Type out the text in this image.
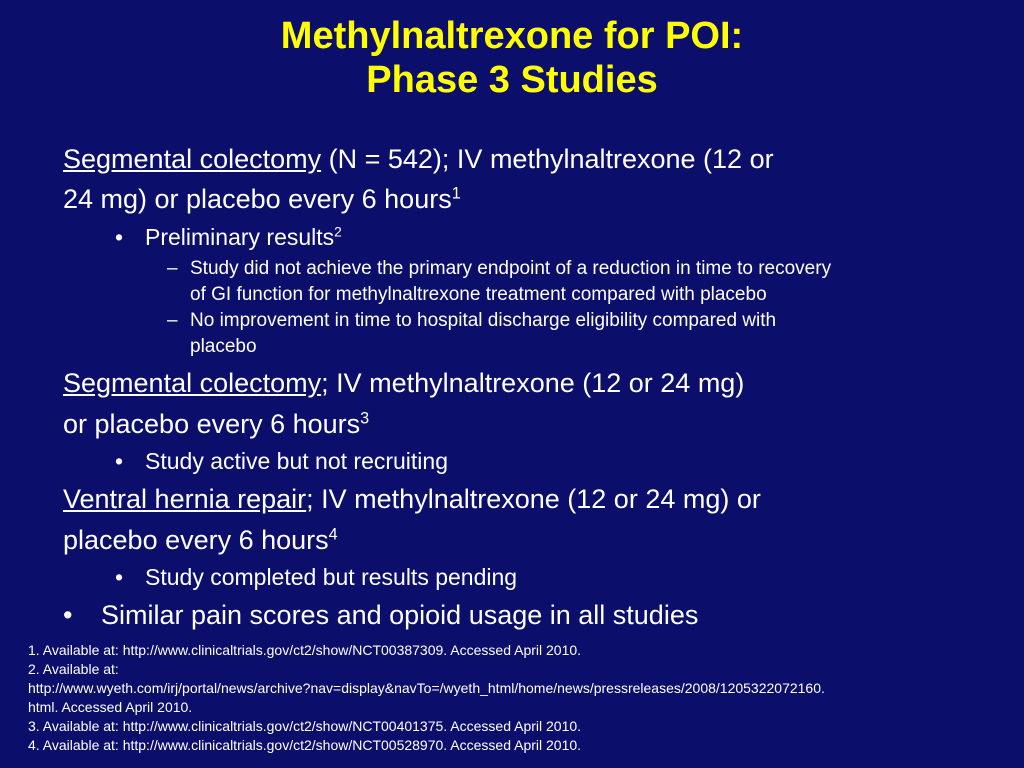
Methylnaltrexone for POI:
Phase 3 Studies
Segmental colectomy (N = 542); IV methylnaltrexone (12 or
24 mg) or placebo every 6 hours$^1$
• Preliminary results$^2$
– Study did not achieve the primary endpoint of a reduction in time to recovery
of GI function for methylnaltrexone treatment compared with placebo
– No improvement in time to hospital discharge eligibility compared with
placebo
Segmental colectomy; IV methylnaltrexone (12 or 24 mg)
or placebo every 6 hours$^3$
• Study active but not recruiting
Ventral hernia repair; IV methylnaltrexone (12 or 24 mg) or
placebo every 6 hours$^4$
• Study completed but results pending
• Similar pain scores and opioid usage in all studies
1. Available at: http://www.clinicaltrials.gov/ct2/show/NCT00387309. Accessed April 2010.
2. Available at:
http://www.wyeth.com/irj/portal/news/archive?nav=display&navTo=/wyeth_html/home/news/pressreleases/2008/1205322072160.
html. Accessed April 2010.
3. Available at: http://www.clinicaltrials.gov/ct2/show/NCT00401375. Accessed April 2010.
4. Available at: http://www.clinicaltrials.gov/ct2/show/NCT00528970. Accessed April 2010.
